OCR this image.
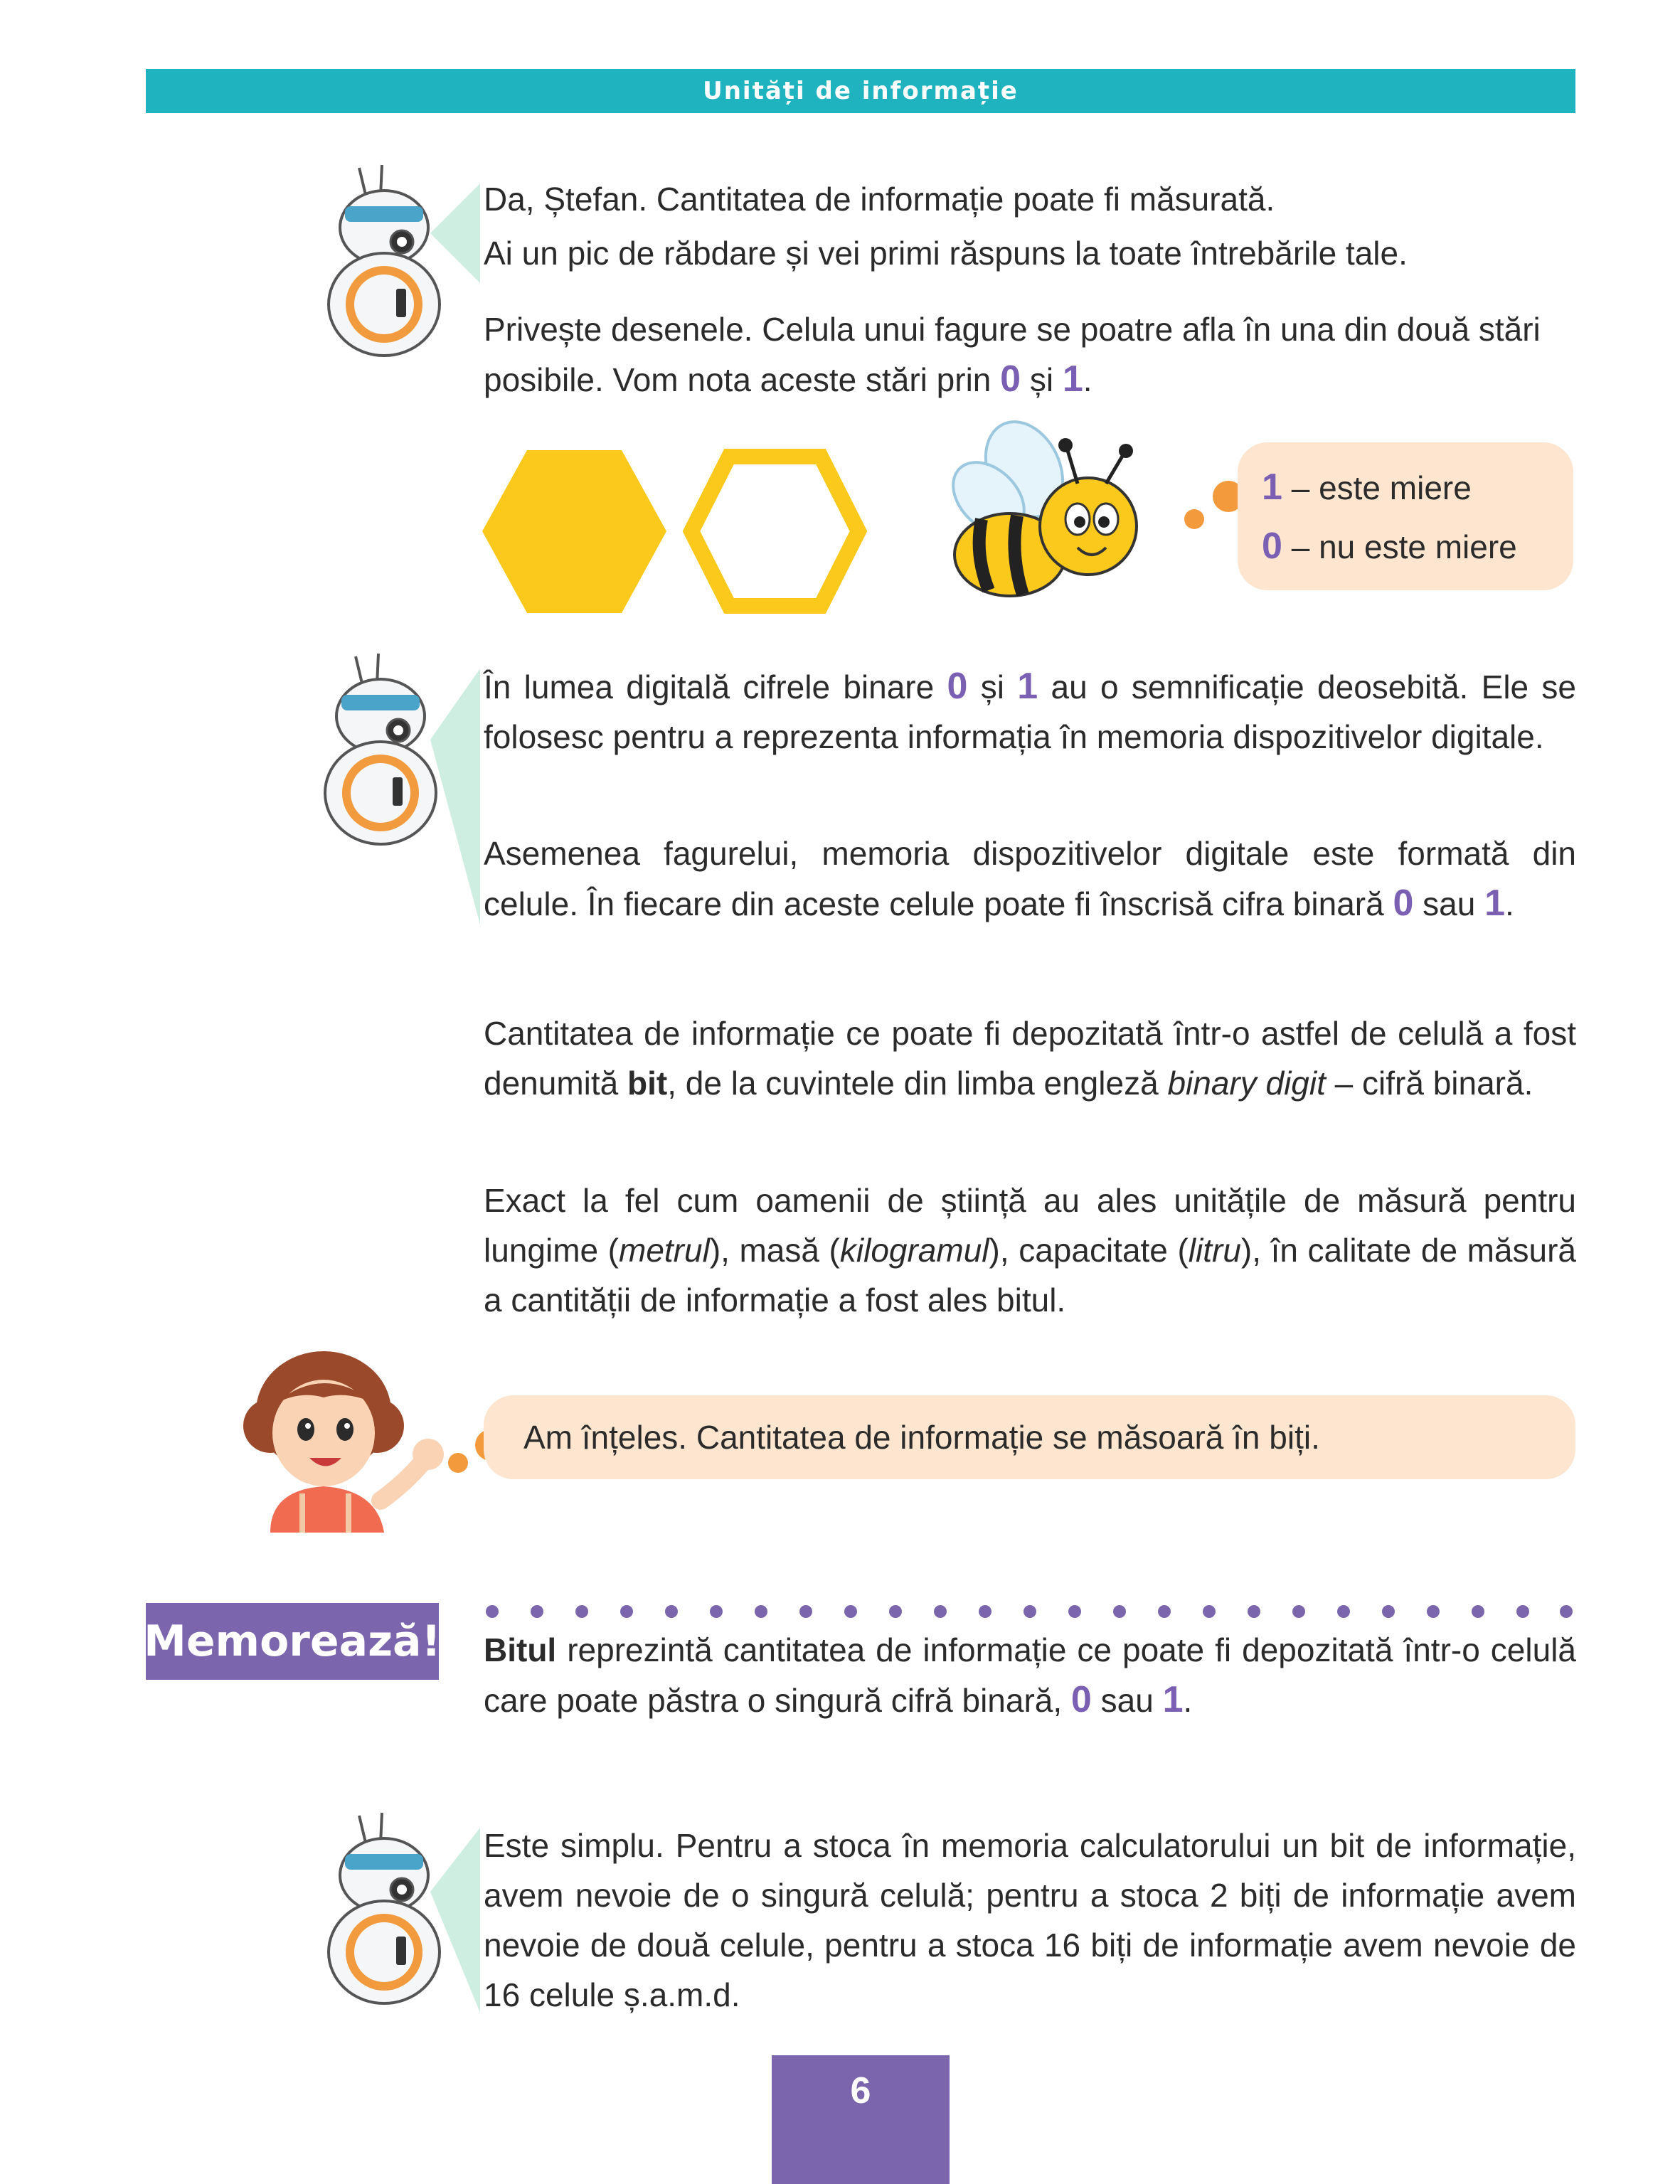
Unități de informație

Da, Ștefan. Cantitatea de informație poate fi măsurată.

Ai un pic de răbdare și vei primi răspuns la toate întrebările tale.

Privește desenele. Celula unui fagure se poatre afla în una din două stări posibile. Vom nota aceste stări prin 0 și 1.

1 – este miere
0 – nu este miere

În lumea digitală cifrele binare 0 și 1 au o semnificație deosebită. Ele se folosesc pentru a reprezenta informația în memoria dispozitivelor digitale.

Asemenea fagurelui, memoria dispozitivelor digitale este formată din celule. În fiecare din aceste celule poate fi înscrisă cifra binară 0 sau 1.

Cantitatea de informație ce poate fi depozitată într-o astfel de celulă a fost denumită bit, de la cuvintele din limba engleză binary digit – cifră binară.

Exact la fel cum oamenii de știință au ales unitățile de măsură pentru lungime (metrul), masă (kilogramul), capacitate (litru), în calitate de măsură a cantității de informație a fost ales bitul.

Am înțeles. Cantitatea de informație se măsoară în biți.
Memorează! Bitul reprezintă cantitatea de informație ce poate fi depozitată într-o celulă care poate păstra o singură cifră binară, 0 sau 1.

Este simplu. Pentru a stoca în memoria calculatorului un bit de informație, avem nevoie de o singură celulă; pentru a stoca 2 biți de informație avem nevoie de două celule, pentru a stoca 16 biți de informație avem nevoie de 16 celule ș.a.m.d.

6
